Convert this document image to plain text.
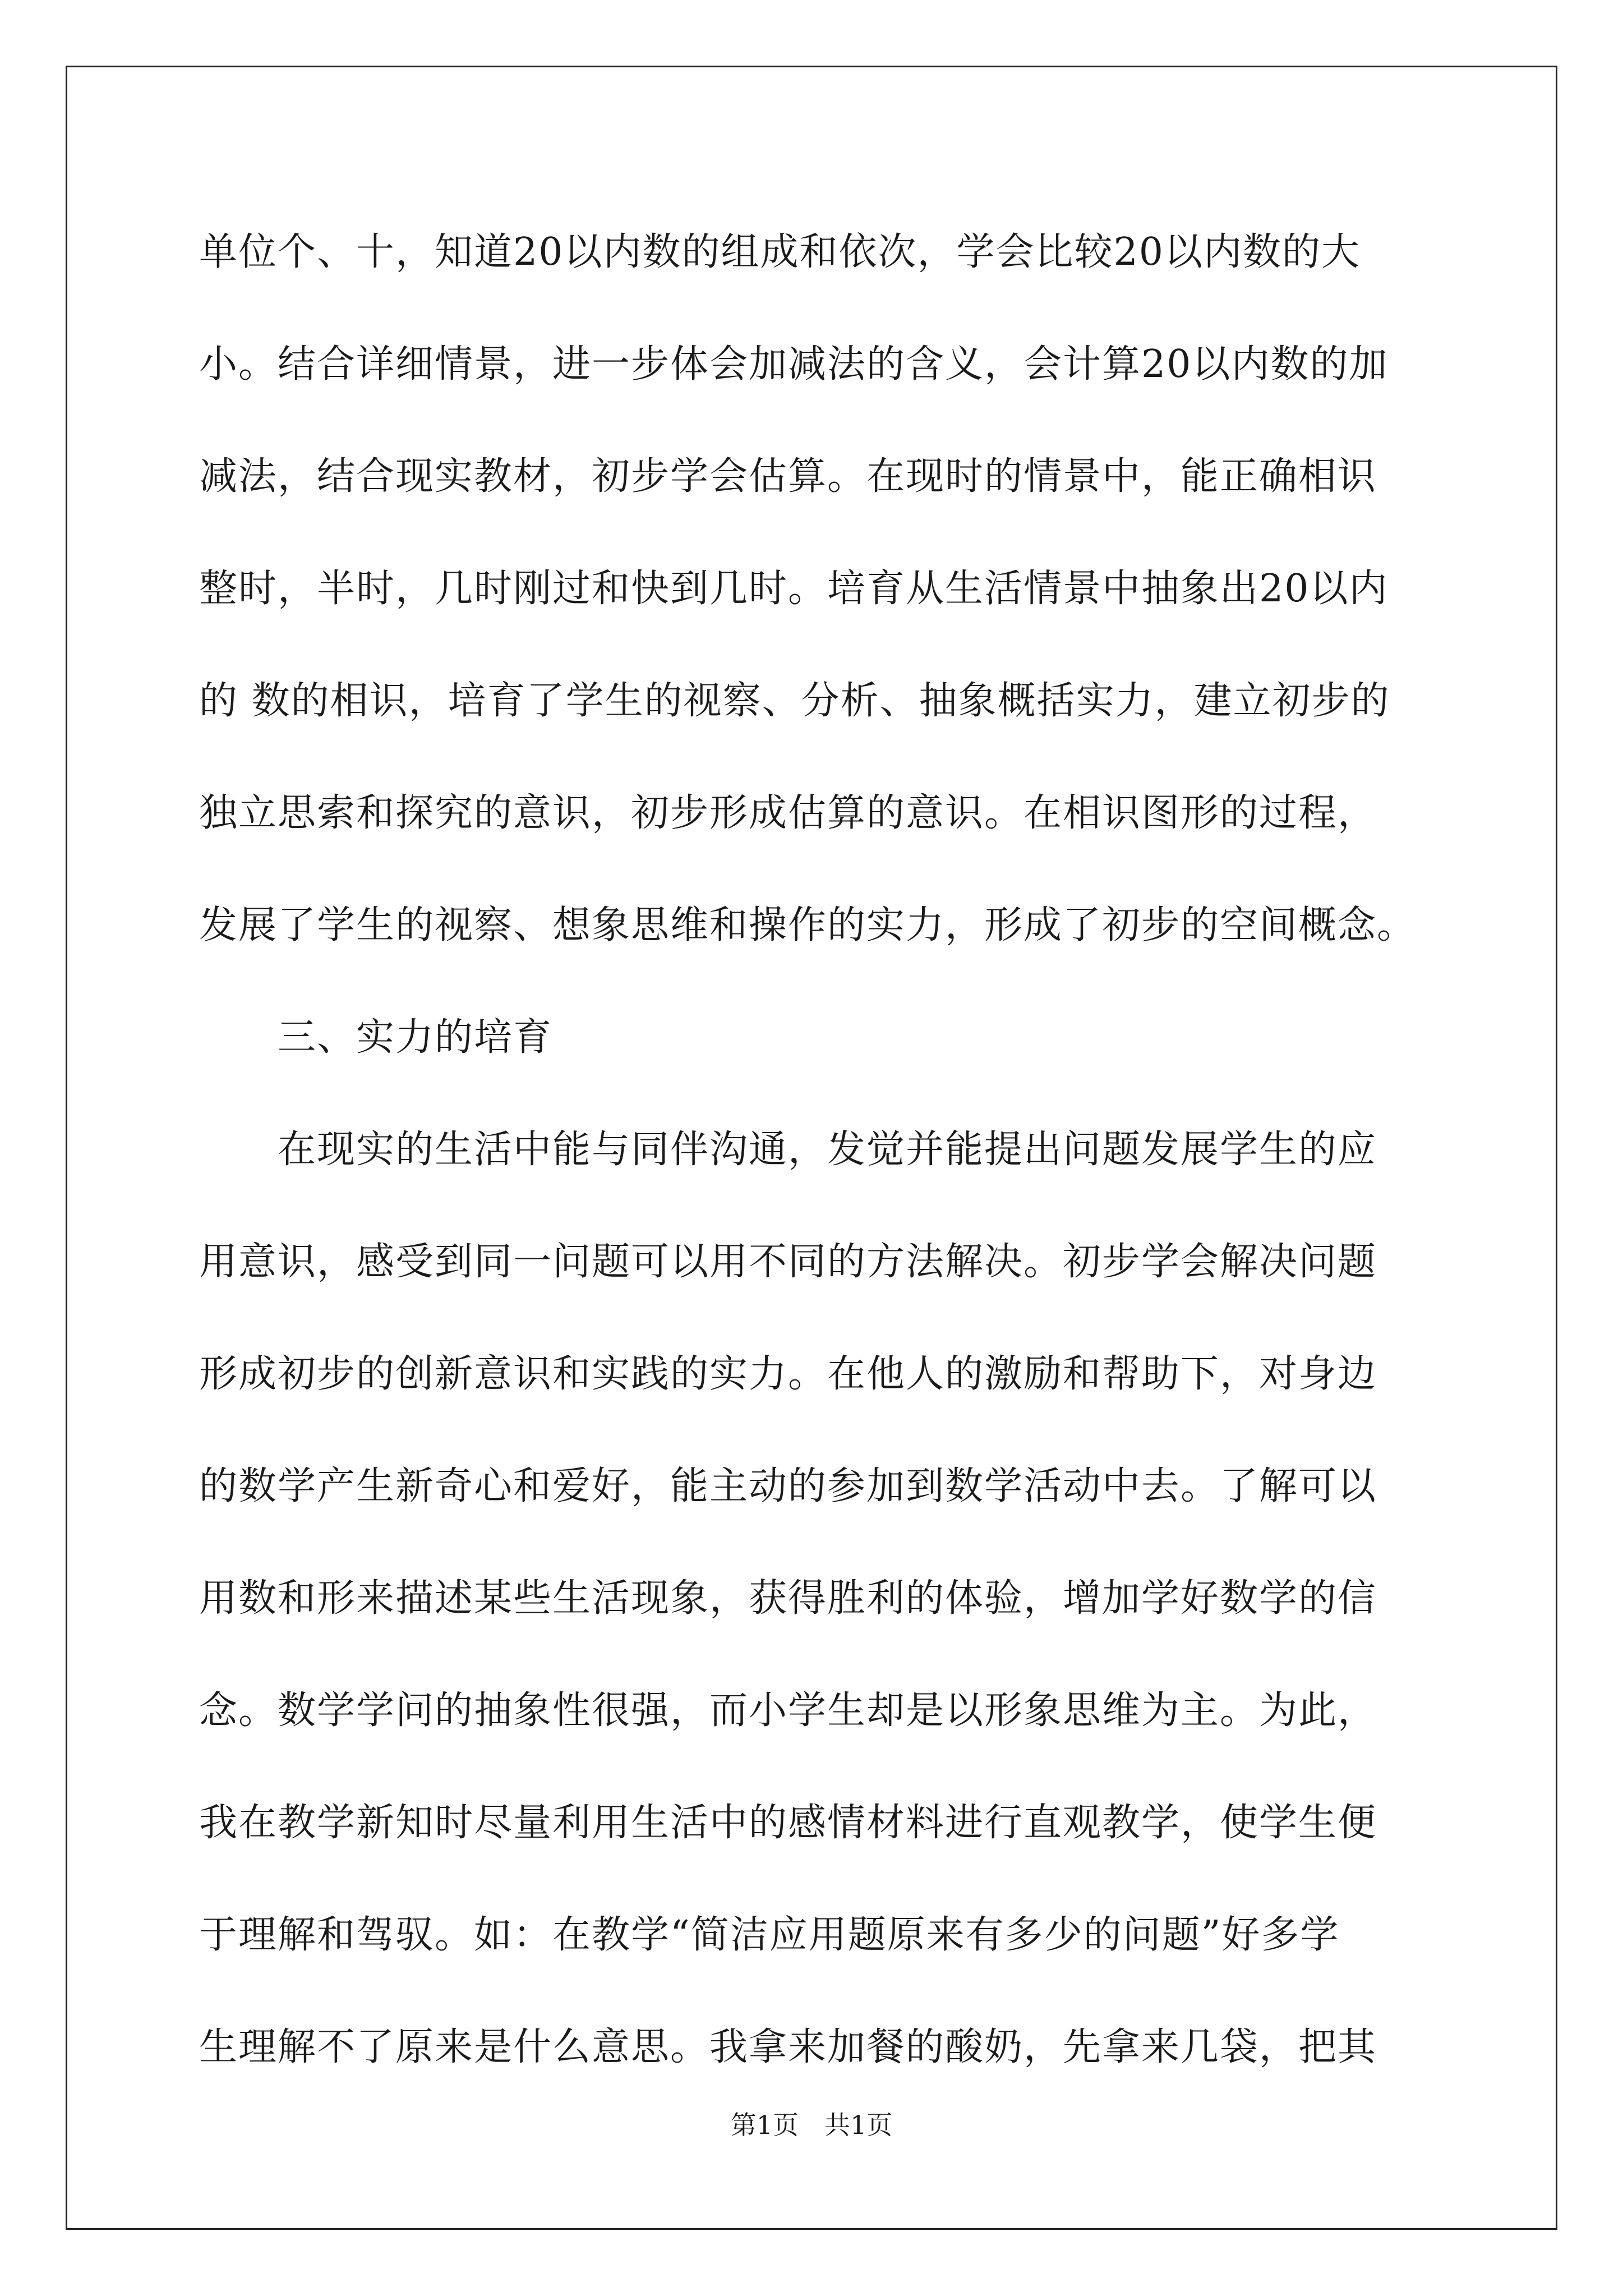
单位个、十，知道20以内数的组成和依次，学会比较20以内数的大
小。结合详细情景，进一步体会加减法的含义，会计算20以内数的加
减法，结合现实教材，初步学会估算。在现时的情景中，能正确相识
整时，半时，几时刚过和快到几时。培育从生活情景中抽象出20以内
的 数的相识，培育了学生的视察、分析、抽象概括实力，建立初步的
独立思索和探究的意识，初步形成估算的意识。在相识图形的过程，
发展了学生的视察、想象思维和操作的实力，形成了初步的空间概念。
　　三、实力的培育
　　在现实的生活中能与同伴沟通，发觉并能提出问题发展学生的应
用意识，感受到同一问题可以用不同的方法解决。初步学会解决问题
形成初步的创新意识和实践的实力。在他人的激励和帮助下，对身边
的数学产生新奇心和爱好，能主动的参加到数学活动中去。了解可以
用数和形来描述某些生活现象，获得胜利的体验，增加学好数学的信
念。数学学问的抽象性很强，而小学生却是以形象思维为主。为此，
我在教学新知时尽量利用生活中的感情材料进行直观教学，使学生便
于理解和驾驭。如：在教学“简洁应用题原来有多少的问题”好多学
生理解不了原来是什么意思。我拿来加餐的酸奶，先拿来几袋，把其
第1页　共1页
